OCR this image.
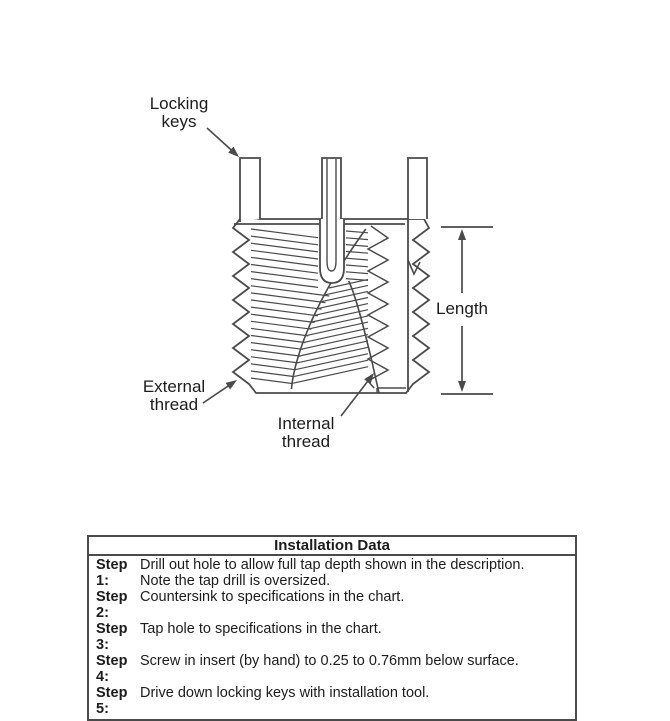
Locking
keys
External
thread
Internal
thread
Length
Installation Data
Step 1:
Drill out hole to allow full tap depth shown in the description.
Note the tap drill is oversized.
Step 2:
Countersink to specifications in the chart.
Step 3:
Tap hole to specifications in the chart.
Step 4:
Screw in insert (by hand) to 0.25 to 0.76mm below surface.
Step 5:
Drive down locking keys with installation tool.
